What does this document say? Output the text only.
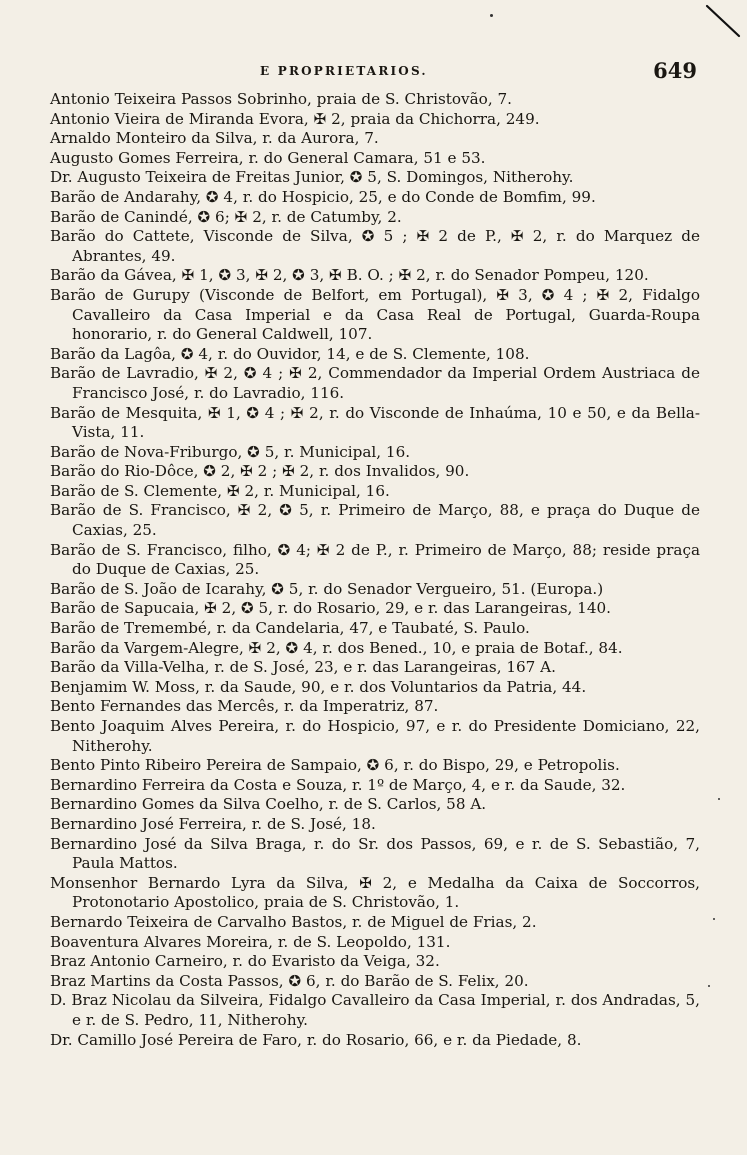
E PROPRIETARIOS.	649
Antonio Teixeira Passos Sobrinho, praia de S. Christovão, 7.
Antonio Vieira de Miranda Evora, ✠ 2, praia da Chichorra, 249.
Arnaldo Monteiro da Silva, r. da Aurora, 7.
Augusto Gomes Ferreira, r. do General Camara, 51 e 53.
Dr. Augusto Teixeira de Freitas Junior, ✪ 5, S. Domingos, Nitherohy.
Barão de Andarahy, ✪ 4, r. do Hospicio, 25, e do Conde de Bomfim, 99.
Barão de Canindé, ✪ 6; ✠ 2, r. de Catumby, 2.
Barão do Cattete, Visconde de Silva, ✪ 5 ; ✠ 2 de P., ✠ 2, r. do Marquez de Abrantes, 49.
Barão da Gávea, ✠ 1, ✪ 3, ✠ 2, ✪ 3, ✠ B. O. ; ✠ 2, r. do Senador Pompeu, 120.
Barão de Gurupy (Visconde de Belfort, em Portugal), ✠ 3, ✪ 4 ; ✠ 2, Fidalgo Cavalleiro da Casa Imperial e da Casa Real de Portugal, Guarda-Roupa honorario, r. do General Caldwell, 107.
Barão da Lagôa, ✪ 4, r. do Ouvidor, 14, e de S. Clemente, 108.
Barão de Lavradio, ✠ 2, ✪ 4 ; ✠ 2, Commendador da Imperial Ordem Austriaca de Francisco José, r. do Lavradio, 116.
Barão de Mesquita, ✠ 1, ✪ 4 ; ✠ 2, r. do Visconde de Inhaúma, 10 e 50, e da Bella-Vista, 11.
Barão de Nova-Friburgo, ✪ 5, r. Municipal, 16.
Barão do Rio-Dôce, ✪ 2, ✠ 2 ; ✠ 2, r. dos Invalidos, 90.
Barão de S. Clemente, ✠ 2, r. Municipal, 16.
Barão de S. Francisco, ✠ 2, ✪ 5, r. Primeiro de Março, 88, e praça do Duque de Caxias, 25.
Barão de S. Francisco, filho, ✪ 4; ✠ 2 de P., r. Primeiro de Março, 88; reside praça do Duque de Caxias, 25.
Barão de S. João de Icarahy, ✪ 5, r. do Senador Vergueiro, 51. (Europa.)
Barão de Sapucaia, ✠ 2, ✪ 5, r. do Rosario, 29, e r. das Larangeiras, 140.
Barão de Tremembé, r. da Candelaria, 47, e Taubaté, S. Paulo.
Barão da Vargem-Alegre, ✠ 2, ✪ 4, r. dos Bened., 10, e praia de Botaf., 84.
Barão da Villa-Velha, r. de S. José, 23, e r. das Larangeiras, 167 A.
Benjamim W. Moss, r. da Saude, 90, e r. dos Voluntarios da Patria, 44.
Bento Fernandes das Mercês, r. da Imperatriz, 87.
Bento Joaquim Alves Pereira, r. do Hospicio, 97, e r. do Presidente Domiciano, 22, Nitherohy.
Bento Pinto Ribeiro Pereira de Sampaio, ✪ 6, r. do Bispo, 29, e Petropolis.
Bernardino Ferreira da Costa e Souza, r. 1º de Março, 4, e r. da Saude, 32.
Bernardino Gomes da Silva Coelho, r. de S. Carlos, 58 A.
Bernardino José Ferreira, r. de S. José, 18.
Bernardino José da Silva Braga, r. do Sr. dos Passos, 69, e r. de S. Sebastião, 7, Paula Mattos.
Monsenhor Bernardo Lyra da Silva, ✠ 2, e Medalha da Caixa de Soccorros, Protonotario Apostolico, praia de S. Christovão, 1.
Bernardo Teixeira de Carvalho Bastos, r. de Miguel de Frias, 2.
Boaventura Alvares Moreira, r. de S. Leopoldo, 131.
Braz Antonio Carneiro, r. do Evaristo da Veiga, 32.
Braz Martins da Costa Passos, ✪ 6, r. do Barão de S. Felix, 20.
D. Braz Nicolau da Silveira, Fidalgo Cavalleiro da Casa Imperial, r. dos Andradas, 5, e r. de S. Pedro, 11, Nitherohy.
Dr. Camillo José Pereira de Faro, r. do Rosario, 66, e r. da Piedade, 8.
